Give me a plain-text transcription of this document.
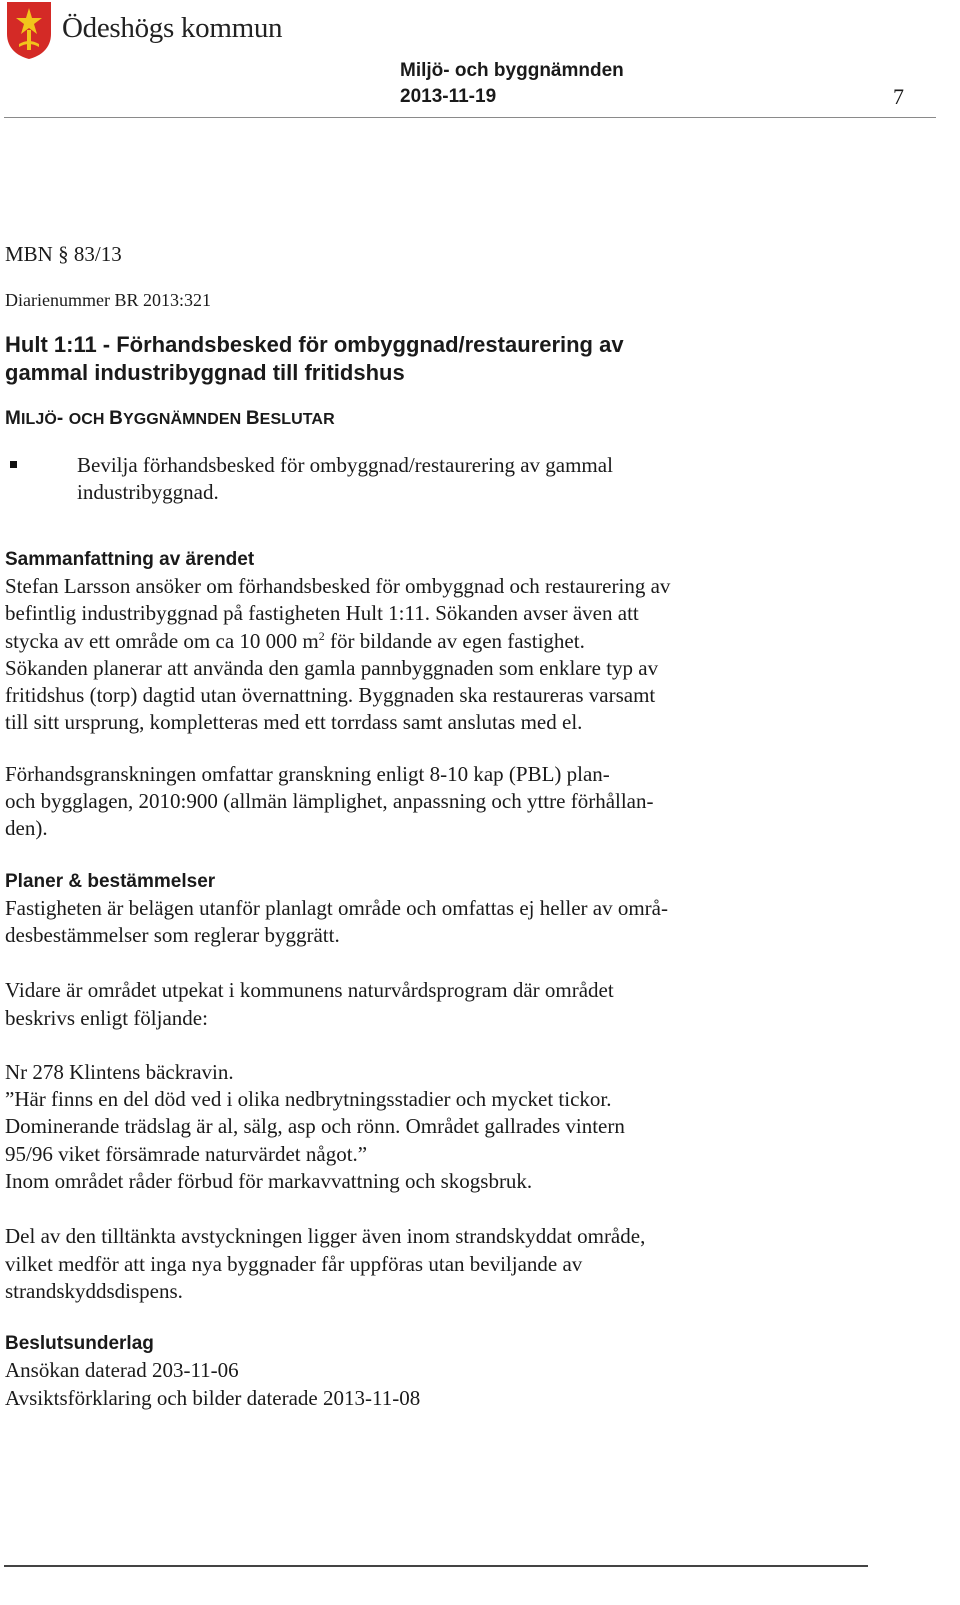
Ödeshögs kommun
Miljö- och byggnämnden
2013-11-19	7

MBN § 83/13

Diarienummer BR 2013:321

Hult 1:11 - Förhandsbesked för ombyggnad/restaurering av
gammal industribyggnad till fritidshus

MILJÖ- OCH BYGGNÄMNDEN BESLUTAR

Bevilja förhandsbesked för ombyggnad/restaurering av gammal
industribyggnad.
Sammanfattning av ärendet

Stefan Larsson ansöker om förhandsbesked för ombyggnad och restaurering av
befintlig industribyggnad på fastigheten Hult 1:11. Sökanden avser även att
stycka av ett område om ca 10 000 $m^2$ för bildande av egen fastighet.
Sökanden planerar att använda den gamla pannbyggnaden som enklare typ av
fritidshus (torp) dagtid utan övernattning. Byggnaden ska restaureras varsamt
till sitt ursprung, kompletteras med ett torrdass samt anslutas med el.

Förhandsgranskningen omfattar granskning enligt 8-10 kap (PBL) plan-
och bygglagen, 2010:900 (allmän lämplighet, anpassning och yttre förhållan-
den).

Planer & bestämmelser

Fastigheten är belägen utanför planlagt område och omfattas ej heller av områ-
desbestämmelser som reglerar byggrätt.

Vidare är området utpekat i kommunens naturvårdsprogram där området
beskrivs enligt följande:

Nr 278 Klintens bäckravin.
”Här finns en del död ved i olika nedbrytningsstadier och mycket tickor.
Dominerande trädslag är al, sälg, asp och rönn. Området gallrades vintern
95/96 viket försämrade naturvärdet något.”
Inom området råder förbud för markavvattning och skogsbruk.

Del av den tilltänkta avstyckningen ligger även inom strandskyddat område,
vilket medför att inga nya byggnader får uppföras utan beviljande av
strandskyddsdispens.

Beslutsunderlag

Ansökan daterad 203-11-06
Avsiktsförklaring och bilder daterade 2013-11-08
